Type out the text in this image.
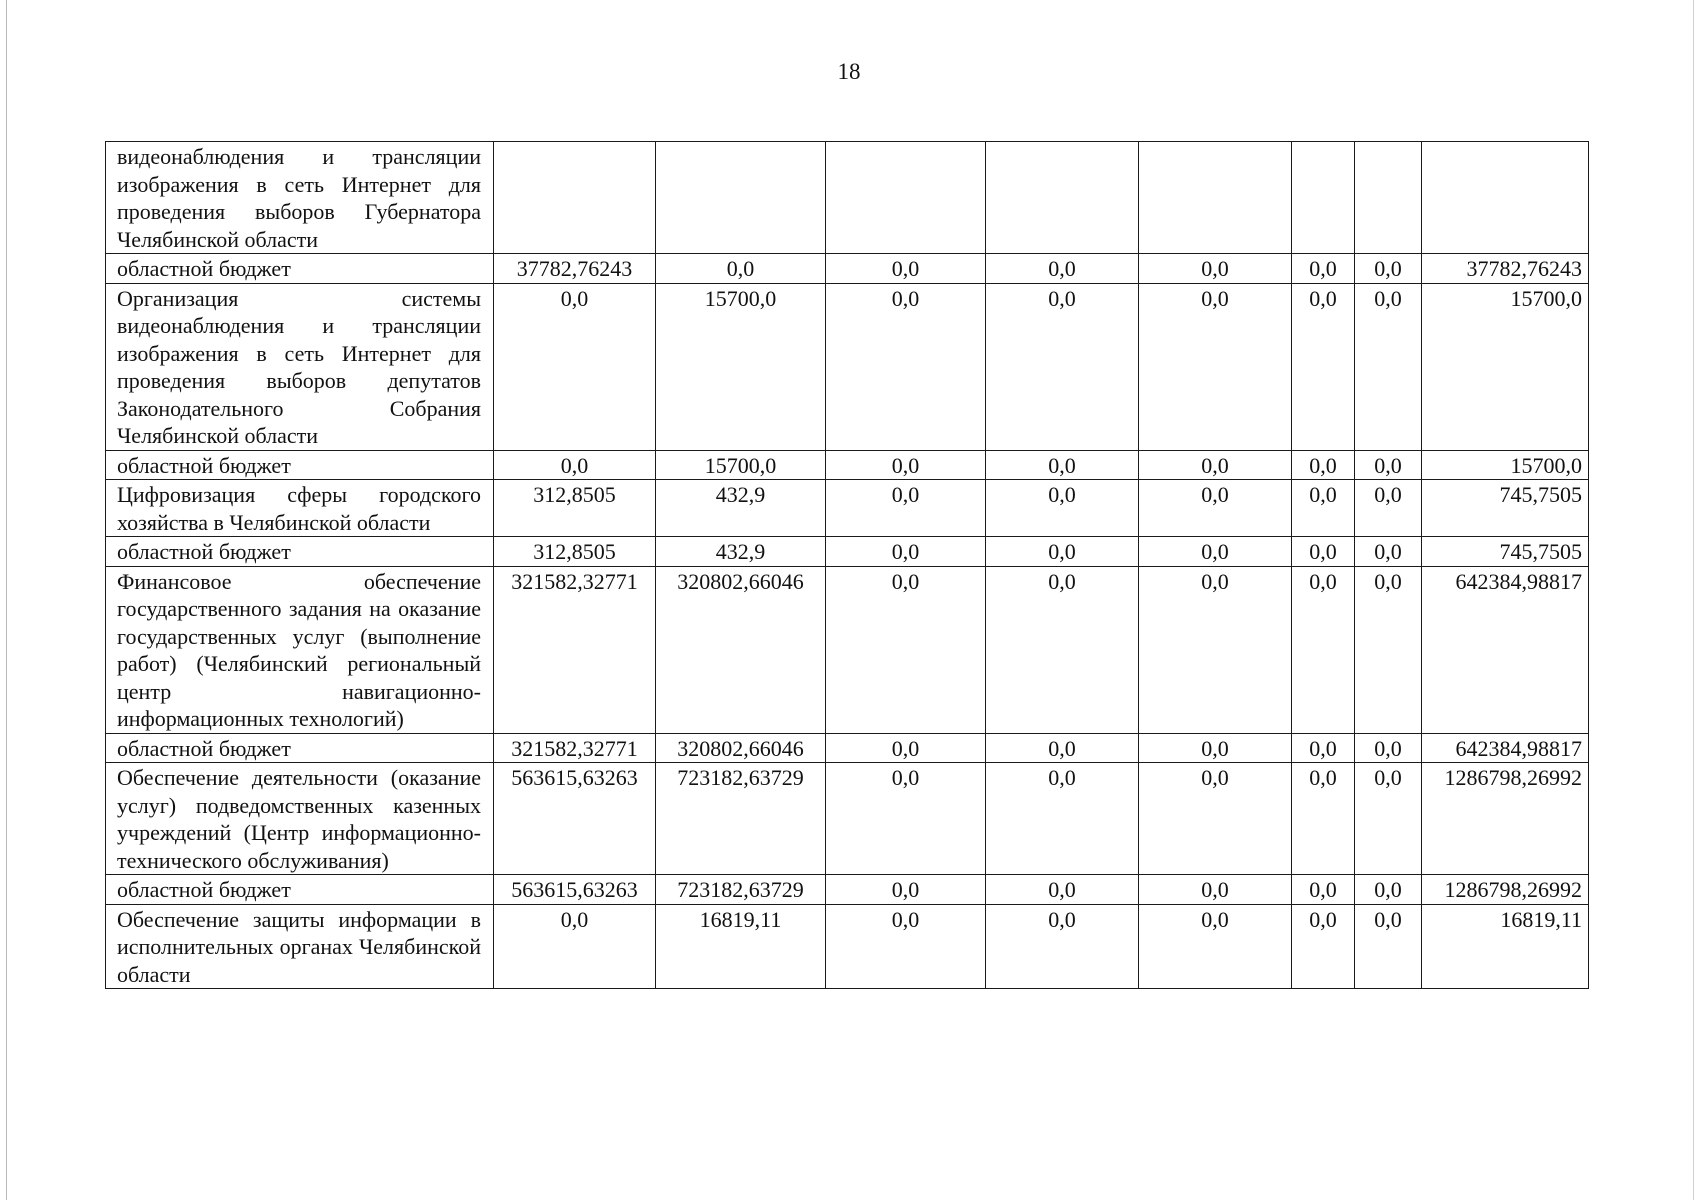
18
видеонаблюдения и трансляции изображения в сеть Интернет для проведения выборов Губернатора Челябинской области								
областной бюджет	37782,76243	0,0	0,0	0,0	0,0	0,0	0,0	37782,76243
Организация системы видеонаблюдения и трансляции изображения в сеть Интернет для проведения выборов депутатов Законодательного Собрания Челябинской области	0,0	15700,0	0,0	0,0	0,0	0,0	0,0	15700,0
областной бюджет	0,0	15700,0	0,0	0,0	0,0	0,0	0,0	15700,0
Цифровизация сферы городского хозяйства в Челябинской области	312,8505	432,9	0,0	0,0	0,0	0,0	0,0	745,7505
областной бюджет	312,8505	432,9	0,0	0,0	0,0	0,0	0,0	745,7505
Финансовое обеспечение государственного задания на оказание государственных услуг (выполнение работ) (Челябинский региональный центр навигационно-информационных технологий)	321582,32771	320802,66046	0,0	0,0	0,0	0,0	0,0	642384,98817
областной бюджет	321582,32771	320802,66046	0,0	0,0	0,0	0,0	0,0	642384,98817
Обеспечение деятельности (оказание услуг) подведомственных казенных учреждений (Центр информационно-технического обслуживания)	563615,63263	723182,63729	0,0	0,0	0,0	0,0	0,0	1286798,26992
областной бюджет	563615,63263	723182,63729	0,0	0,0	0,0	0,0	0,0	1286798,26992
Обеспечение защиты информации в исполнительных органах Челябинской области	0,0	16819,11	0,0	0,0	0,0	0,0	0,0	16819,11
